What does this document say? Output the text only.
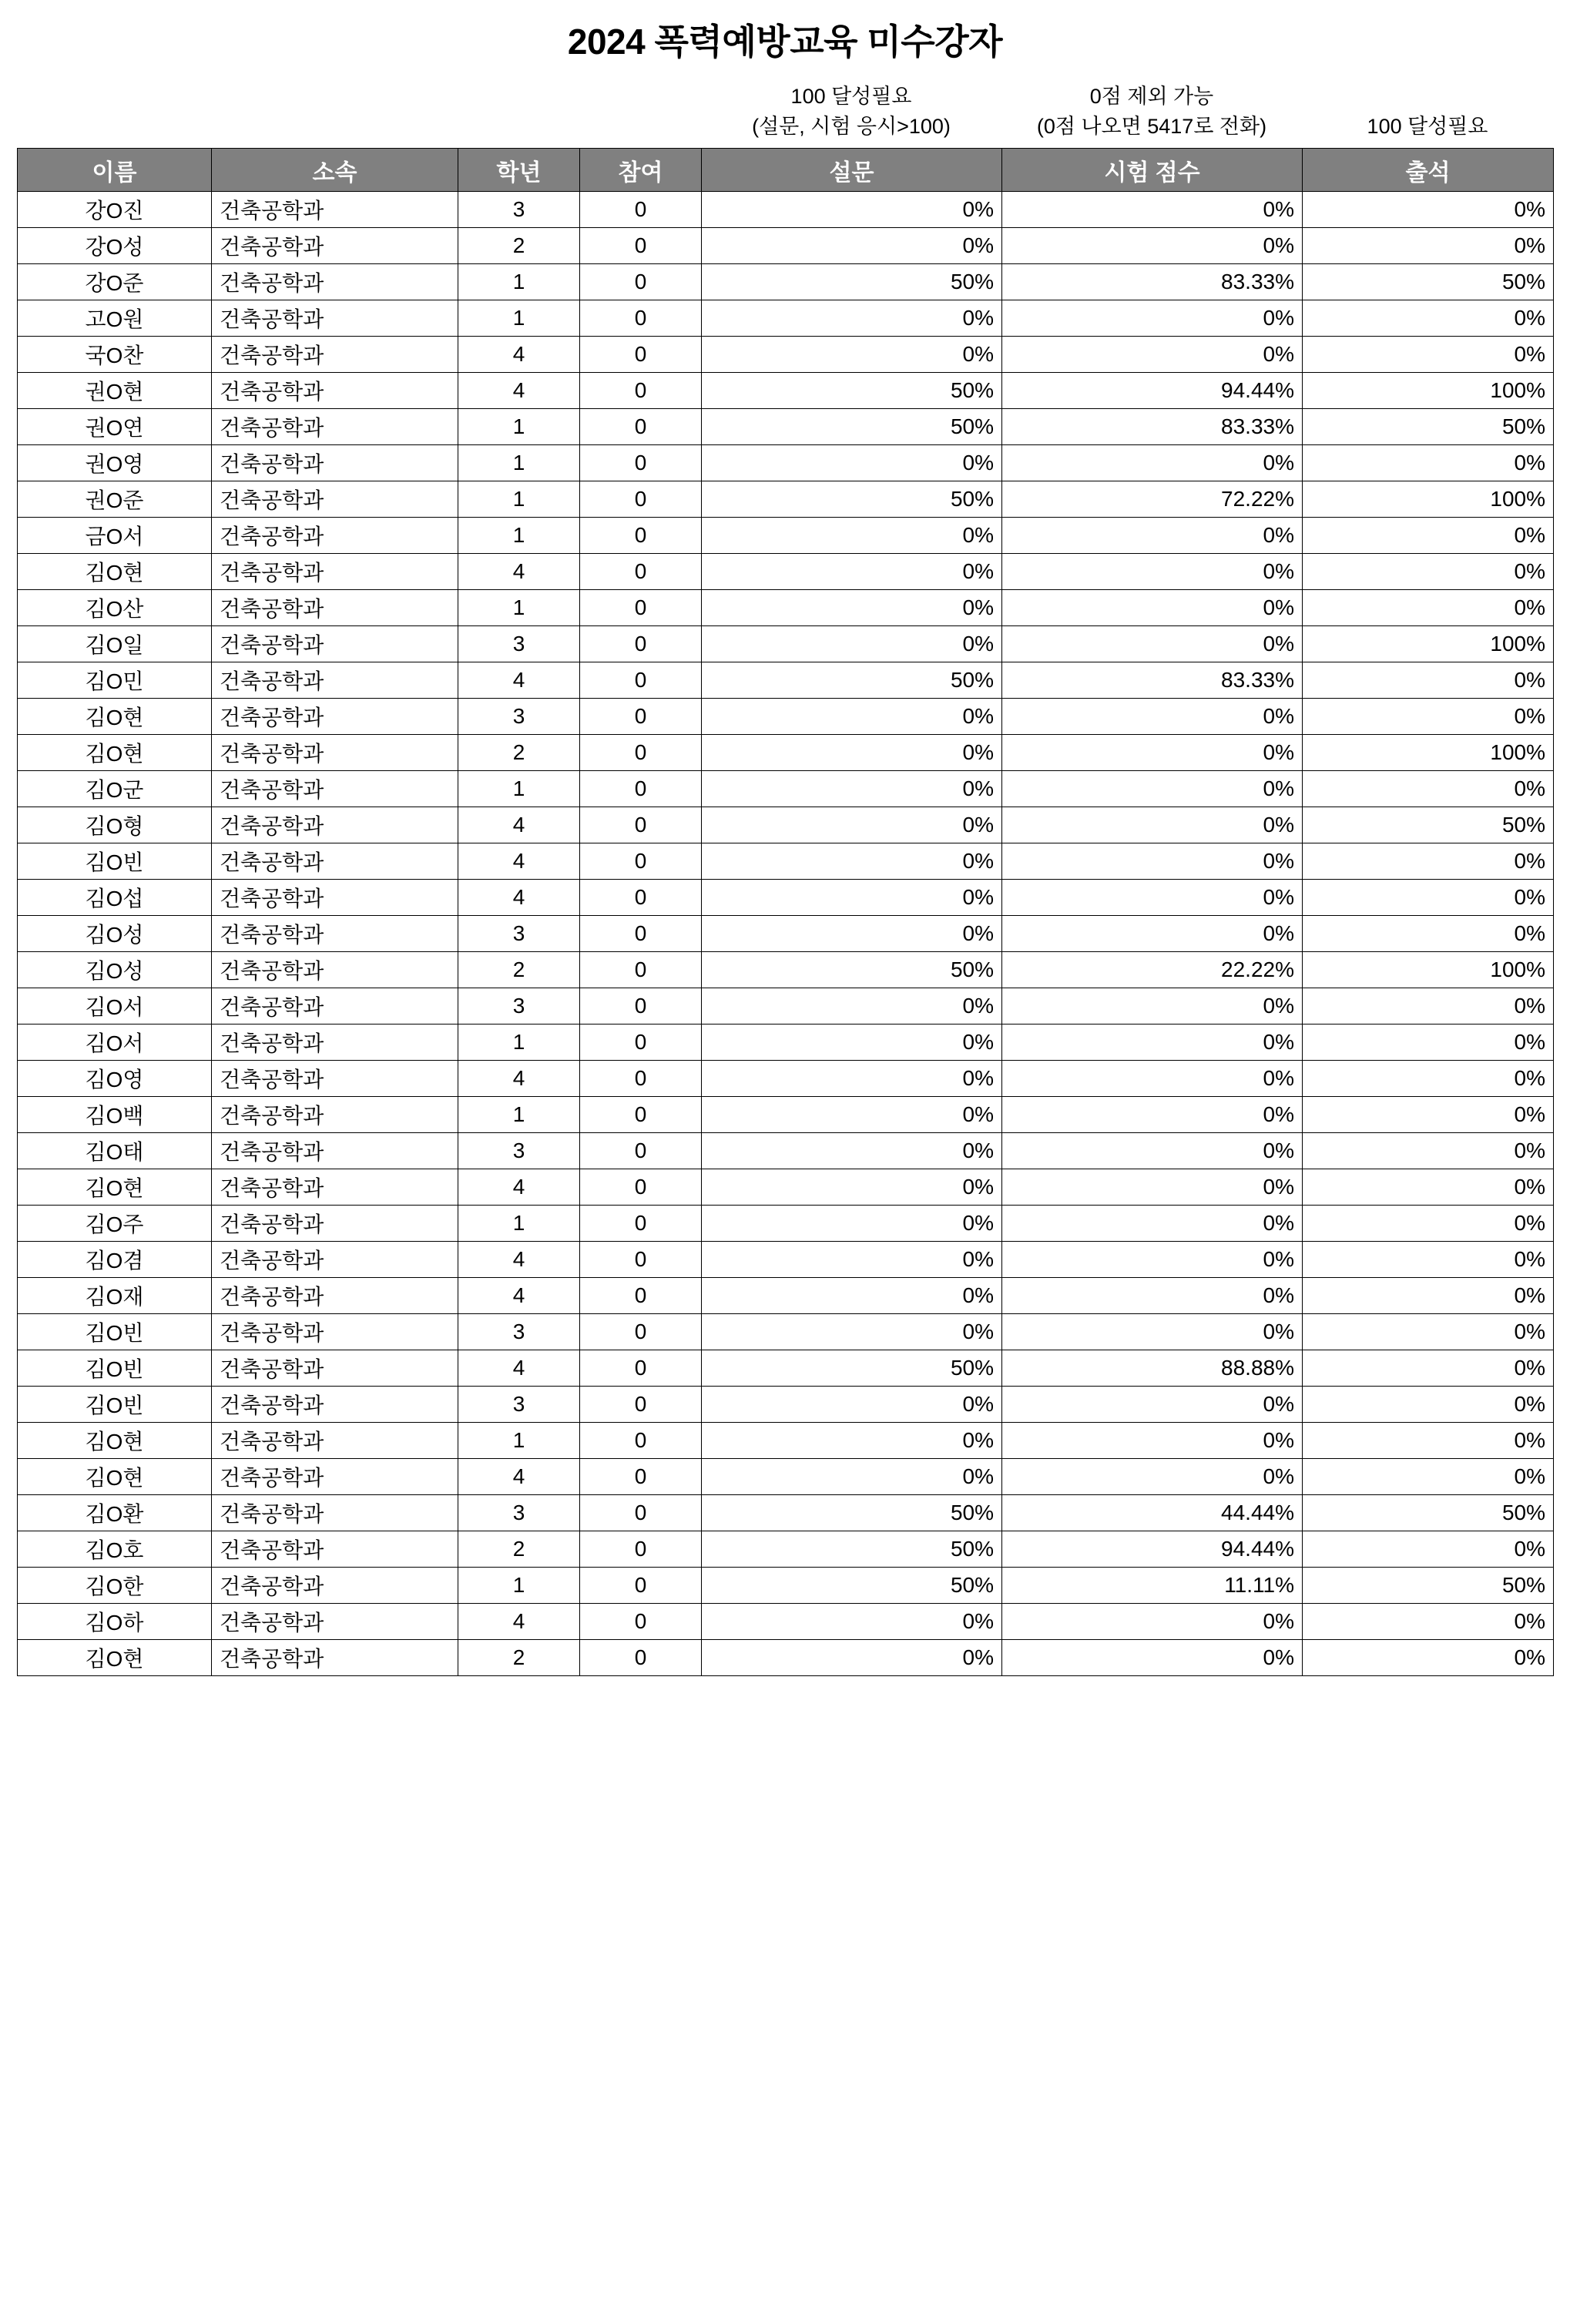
2024 폭력예방교육 미수강자
100 달성필요
(설문, 시험 응시>100)
0점 제외 가능
(0점 나오면 5417로 전화)	100 달성필요
이름	소속	학년	참여	설문	시험 점수	출석
강O진	건축공학과	3	0	0%	0%	0%
강O성	건축공학과	2	0	0%	0%	0%
강O준	건축공학과	1	0	50%	83.33%	50%
고O원	건축공학과	1	0	0%	0%	0%
국O찬	건축공학과	4	0	0%	0%	0%
권O현	건축공학과	4	0	50%	94.44%	100%
권O연	건축공학과	1	0	50%	83.33%	50%
권O영	건축공학과	1	0	0%	0%	0%
권O준	건축공학과	1	0	50%	72.22%	100%
금O서	건축공학과	1	0	0%	0%	0%
김O현	건축공학과	4	0	0%	0%	0%
김O산	건축공학과	1	0	0%	0%	0%
김O일	건축공학과	3	0	0%	0%	100%
김O민	건축공학과	4	0	50%	83.33%	0%
김O현	건축공학과	3	0	0%	0%	0%
김O현	건축공학과	2	0	0%	0%	100%
김O군	건축공학과	1	0	0%	0%	0%
김O형	건축공학과	4	0	0%	0%	50%
김O빈	건축공학과	4	0	0%	0%	0%
김O섭	건축공학과	4	0	0%	0%	0%
김O성	건축공학과	3	0	0%	0%	0%
김O성	건축공학과	2	0	50%	22.22%	100%
김O서	건축공학과	3	0	0%	0%	0%
김O서	건축공학과	1	0	0%	0%	0%
김O영	건축공학과	4	0	0%	0%	0%
김O백	건축공학과	1	0	0%	0%	0%
김O태	건축공학과	3	0	0%	0%	0%
김O현	건축공학과	4	0	0%	0%	0%
김O주	건축공학과	1	0	0%	0%	0%
김O겸	건축공학과	4	0	0%	0%	0%
김O재	건축공학과	4	0	0%	0%	0%
김O빈	건축공학과	3	0	0%	0%	0%
김O빈	건축공학과	4	0	50%	88.88%	0%
김O빈	건축공학과	3	0	0%	0%	0%
김O현	건축공학과	1	0	0%	0%	0%
김O현	건축공학과	4	0	0%	0%	0%
김O환	건축공학과	3	0	50%	44.44%	50%
김O호	건축공학과	2	0	50%	94.44%	0%
김O한	건축공학과	1	0	50%	11.11%	50%
김O하	건축공학과	4	0	0%	0%	0%
김O현	건축공학과	2	0	0%	0%	0%
